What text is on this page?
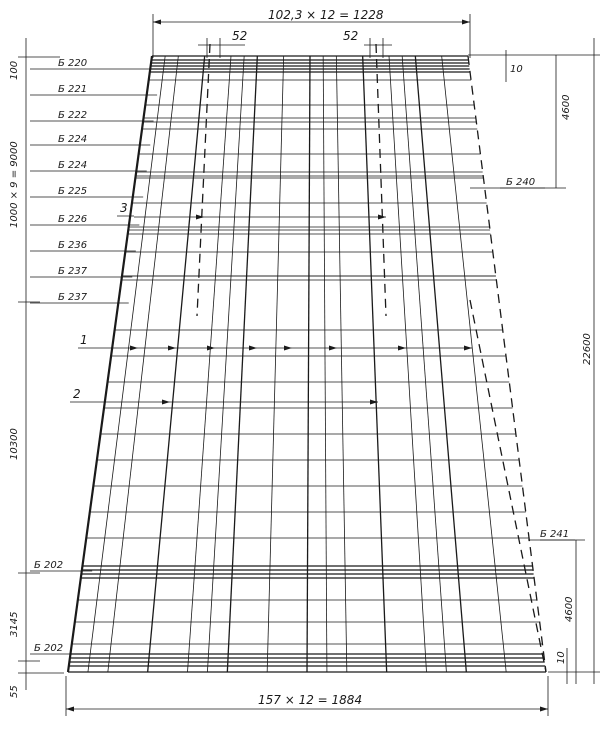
102,3 × 12 = 1228
157 × 12 = 1884
52	52
100
1000 × 9 = 9000
10300
3145
55
4600
22600
4600
10
10
Б 220
Б 221
Б 222
Б 224
Б 224
Б 225
Б 226
Б 236
Б 237
Б 237
Б 202
Б 202
Б 240
Б 241
1
2
3
